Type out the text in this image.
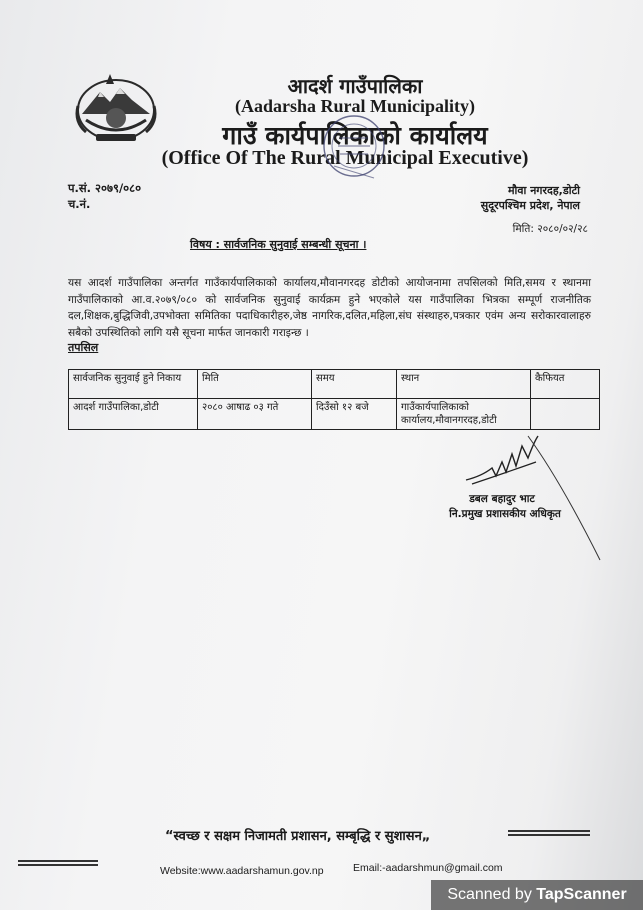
आदर्श गाउँपालिका
(Aadarsha Rural Municipality)
गाउँ कार्यपालिकाको कार्यालय
(Office Of The Rural Municipal Executive)
प.सं. २०७९/०८०
च.नं.
मौवा नगरदह,डोटी
सुदूरपश्चिम प्रदेश, नेपाल
मिति: २०८०/०२/२८
विषय : सार्वजनिक सुनुवाई सम्बन्धी सूचना ।
यस आदर्श गाउँपालिका अन्तर्गत गाउँकार्यपालिकाको कार्यालय,मौवानगरदह डोटीको आयोजनामा तपसिलको मिति,समय र स्थानमा गाउँपालिकाको आ.व.२०७९/०८० को सार्वजनिक सुनुवाई कार्यक्रम हुने भएकोले यस गाउँपालिका भित्रका सम्पूर्ण राजनीतिक दल,शिक्षक,बुद्धिजिवी,उपभोक्ता समितिका पदाधिकारीहरु,जेष्ठ नागरिक,दलित,महिला,संघ संस्थाहरु,पत्रकार एवंम अन्य सरोकारवालाहरु सबैको उपस्थितिको लागि यसै सूचना मार्फत जानकारी गराइन्छ ।
तपसिल
सार्वजनिक सुनुवाई हुने निकाय	मिति	समय	स्थान	कैफियत
आदर्श गाउँपालिका,डोटी	२०८० आषाढ ०३ गते	दिउँसो १२ बजे	गाउँकार्यपालिकाको कार्यालय,मौवानगरदह,डोटी	
डबल बहादुर भाट
नि.प्रमुख प्रशासकीय अधिकृत
“स्वच्छ र सक्षम निजामती प्रशासन, सम्बृद्धि र सुशासन„
Website:www.aadarshamun.gov.np	Email:-aadarshmun@gmail.com
Scanned by TapScanner
